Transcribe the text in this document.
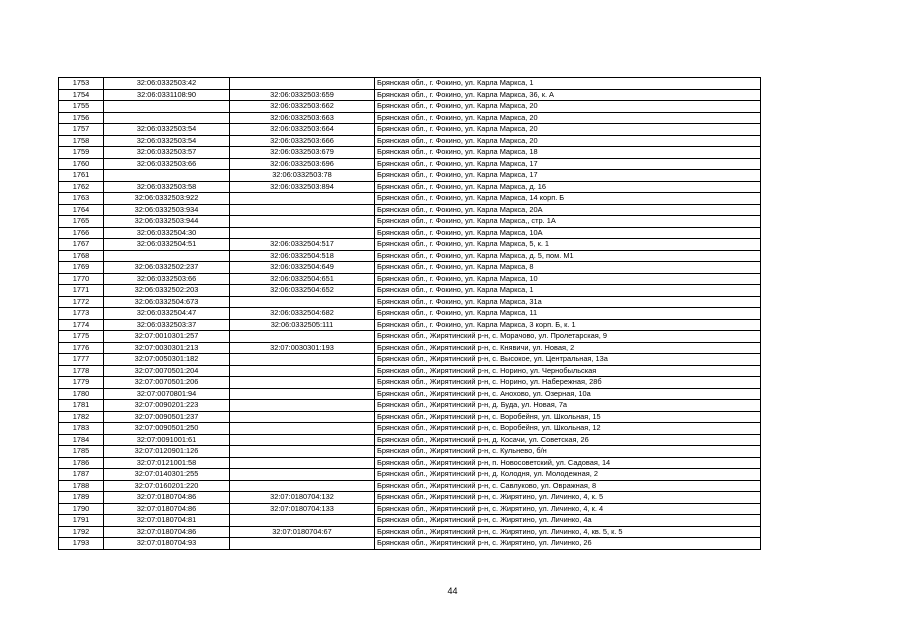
1753	32:06:0332503:42		Брянская обл., г. Фокино, ул. Карла Маркса, 1
1754	32:06:0331108:90	32:06:0332503:659	Брянская обл., г. Фокино, ул. Карла Маркса, 36, к. А
1755		32:06:0332503:662	Брянская обл., г. Фокино, ул. Карла Маркса, 20
1756		32:06:0332503:663	Брянская обл., г. Фокино, ул. Карла Маркса, 20
1757	32:06:0332503:54	32:06:0332503:664	Брянская обл., г. Фокино, ул. Карла Маркса, 20
1758	32:06:0332503:54	32:06:0332503:666	Брянская обл., г. Фокино, ул. Карла Маркса, 20
1759	32:06:0332503:57	32:06:0332503:679	Брянская обл., г. Фокино, ул. Карла Маркса, 18
1760	32:06:0332503:66	32:06:0332503:696	Брянская обл., г. Фокино, ул. Карла Маркса, 17
1761		32:06:0332503:78	Брянская обл., г. Фокино, ул. Карла Маркса, 17
1762	32:06:0332503:58	32:06:0332503:894	Брянская обл., г. Фокино, ул. Карла Маркса, д. 16
1763	32:06:0332503:922		Брянская обл., г. Фокино, ул. Карла Маркса, 14 корп. Б
1764	32:06:0332503:934		Брянская обл., г. Фокино, ул. Карла Маркса, 20А
1765	32:06:0332503:944		Брянская обл., г. Фокино, ул. Карла Маркса,, стр. 1А
1766	32:06:0332504:30		Брянская обл., г. Фокино, ул. Карла Маркса, 10А
1767	32:06:0332504:51	32:06:0332504:517	Брянская обл., г. Фокино, ул. Карла Маркса, 5, к. 1
1768		32:06:0332504:518	Брянская обл., г. Фокино, ул. Карла Маркса, д. 5, пом. М1
1769	32:06:0332502:237	32:06:0332504:649	Брянская обл., г. Фокино, ул. Карла Маркса, 8
1770	32:06:0332503:66	32:06:0332504:651	Брянская обл., г. Фокино, ул. Карла Маркса, 10
1771	32:06:0332502:203	32:06:0332504:652	Брянская обл., г. Фокино, ул. Карла Маркса, 1
1772	32:06:0332504:673		Брянская обл., г. Фокино, ул. Карла Маркса, 31а
1773	32:06:0332504:47	32:06:0332504:682	Брянская обл., г. Фокино, ул. Карла Маркса, 11
1774	32:06:0332503:37	32:06:0332505:111	Брянская обл., г. Фокино, ул. Карла Маркса, 3 корп. Б, к. 1
1775	32:07:0010301:257		Брянская обл., Жирятинский р-н, с. Морачово, ул. Пролетарская, 9
1776	32:07:0030301:213	32:07:0030301:193	Брянская обл., Жирятинский р-н, с. Княвичи, ул. Новая, 2
1777	32:07:0050301:182		Брянская обл., Жирятинский р-н, с. Высокое, ул. Центральная, 13а
1778	32:07:0070501:204		Брянская обл., Жирятинский р-н, с. Норино, ул. Чернобыльская
1779	32:07:0070501:206		Брянская обл., Жирятинский р-н, с. Норино, ул. Набережная, 28б
1780	32:07:0070801:94		Брянская обл., Жирятинский р-н, с. Анохово, ул. Озерная, 10а
1781	32:07:0090201:223		Брянская обл., Жирятинский р-н, д. Буда, ул. Новая, 7а
1782	32:07:0090501:237		Брянская обл., Жирятинский р-н, с. Воробейня, ул. Школьная, 15
1783	32:07:0090501:250		Брянская обл., Жирятинский р-н, с. Воробейня, ул. Школьная, 12
1784	32:07:0091001:61		Брянская обл., Жирятинский р-н, д. Косачи, ул. Советская, 26
1785	32:07:0120901:126		Брянская обл., Жирятинский р-н, с. Кульнево, б/н
1786	32:07:0121001:58		Брянская обл., Жирятинский р-н, п. Новосоветский, ул. Садовая, 14
1787	32:07:0140301:255		Брянская обл., Жирятинский р-н, д. Колодня, ул. Молодежная, 2
1788	32:07:0160201:220		Брянская обл., Жирятинский р-н, с. Савлуково, ул. Овражная, 8
1789	32:07:0180704:86	32:07:0180704:132	Брянская обл., Жирятинский р-н, с. Жирятино, ул. Личинко, 4, к. 5
1790	32:07:0180704:86	32:07:0180704:133	Брянская обл., Жирятинский р-н, с. Жирятино, ул. Личинко, 4, к. 4
1791	32:07:0180704:81		Брянская обл., Жирятинский р-н, с. Жирятино, ул. Личинко, 4а
1792	32:07:0180704:86	32:07:0180704:67	Брянская обл., Жирятинский р-н, с. Жирятино, ул. Личинко, 4, кв. 5, к. 5
1793	32:07:0180704:93		Брянская обл., Жирятинский р-н, с. Жирятино, ул. Личинко, 26
44
